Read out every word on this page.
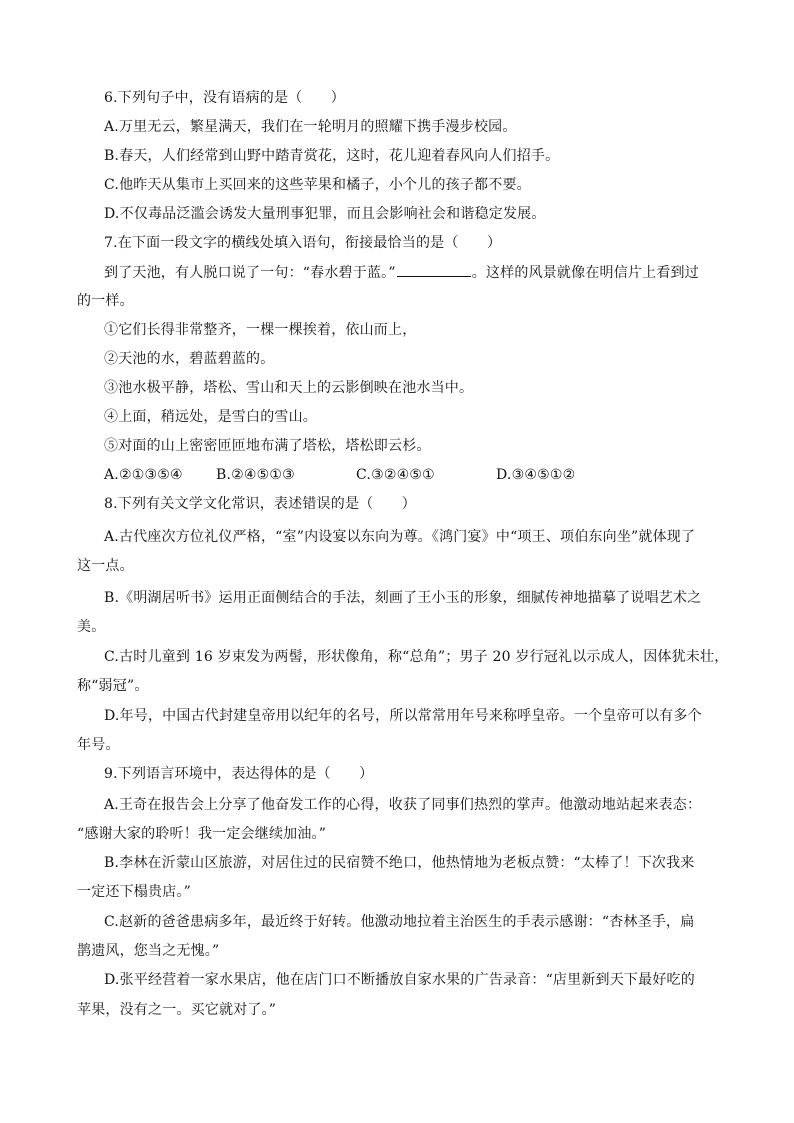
6.下列句子中，没有语病的是（　　）
A.万里无云，繁星满天，我们在一轮明月的照耀下携手漫步校园。
B.春天，人们经常到山野中踏青赏花，这时，花儿迎着春风向人们招手。
C.他昨天从集市上买回来的这些苹果和橘子，小个儿的孩子都不要。
D.不仅毒品泛滥会诱发大量刑事犯罪，而且会影响社会和谐稳定发展。
7.在下面一段文字的横线处填入语句，衔接最恰当的是（　　）
到了天池，有人脱口说了一句：“春水碧于蓝。”	。这样的风景就像在明信片上看到过
的一样。
①它们长得非常整齐，一棵一棵挨着，依山而上，
②天池的水，碧蓝碧蓝的。
③池水极平静，塔松、雪山和天上的云影倒映在池水当中。
④上面，稍远处，是雪白的雪山。
⑤对面的山上密密匝匝地布满了塔松，塔松即云杉。
A.②①③⑤④ B.②④⑤①③	C.③②④⑤①	D.③④⑤①②
8.下列有关文学文化常识，表述错误的是（　　）
A.古代座次方位礼仪严格，“室”内设宴以东向为尊。《鸿门宴》中“项王、项伯东向坐”就体现了
这一点。
B.《明湖居听书》运用正面侧结合的手法，刻画了王小玉的形象，细腻传神地描摹了说唱艺术之
美。
C.古时儿童到 16 岁束发为两髻，形状像角，称“总角”；男子 20 岁行冠礼以示成人，因体犹未壮，
称“弱冠”。
D.年号，中国古代封建皇帝用以纪年的名号，所以常常用年号来称呼皇帝。一个皇帝可以有多个
年号。
9.下列语言环境中，表达得体的是（　　）
A.王奇在报告会上分享了他奋发工作的心得，收获了同事们热烈的掌声。他激动地站起来表态：
“感谢大家的聆听！我一定会继续加油。”
B.李林在沂蒙山区旅游，对居住过的民宿赞不绝口，他热情地为老板点赞：“太棒了！下次我来
一定还下榻贵店。”
C.赵新的爸爸患病多年，最近终于好转。他激动地拉着主治医生的手表示感谢：“杏林圣手，扁
鹊遗风，您当之无愧。”
D.张平经营着一家水果店，他在店门口不断播放自家水果的广告录音：“店里新到天下最好吃的
苹果，没有之一。买它就对了。”
